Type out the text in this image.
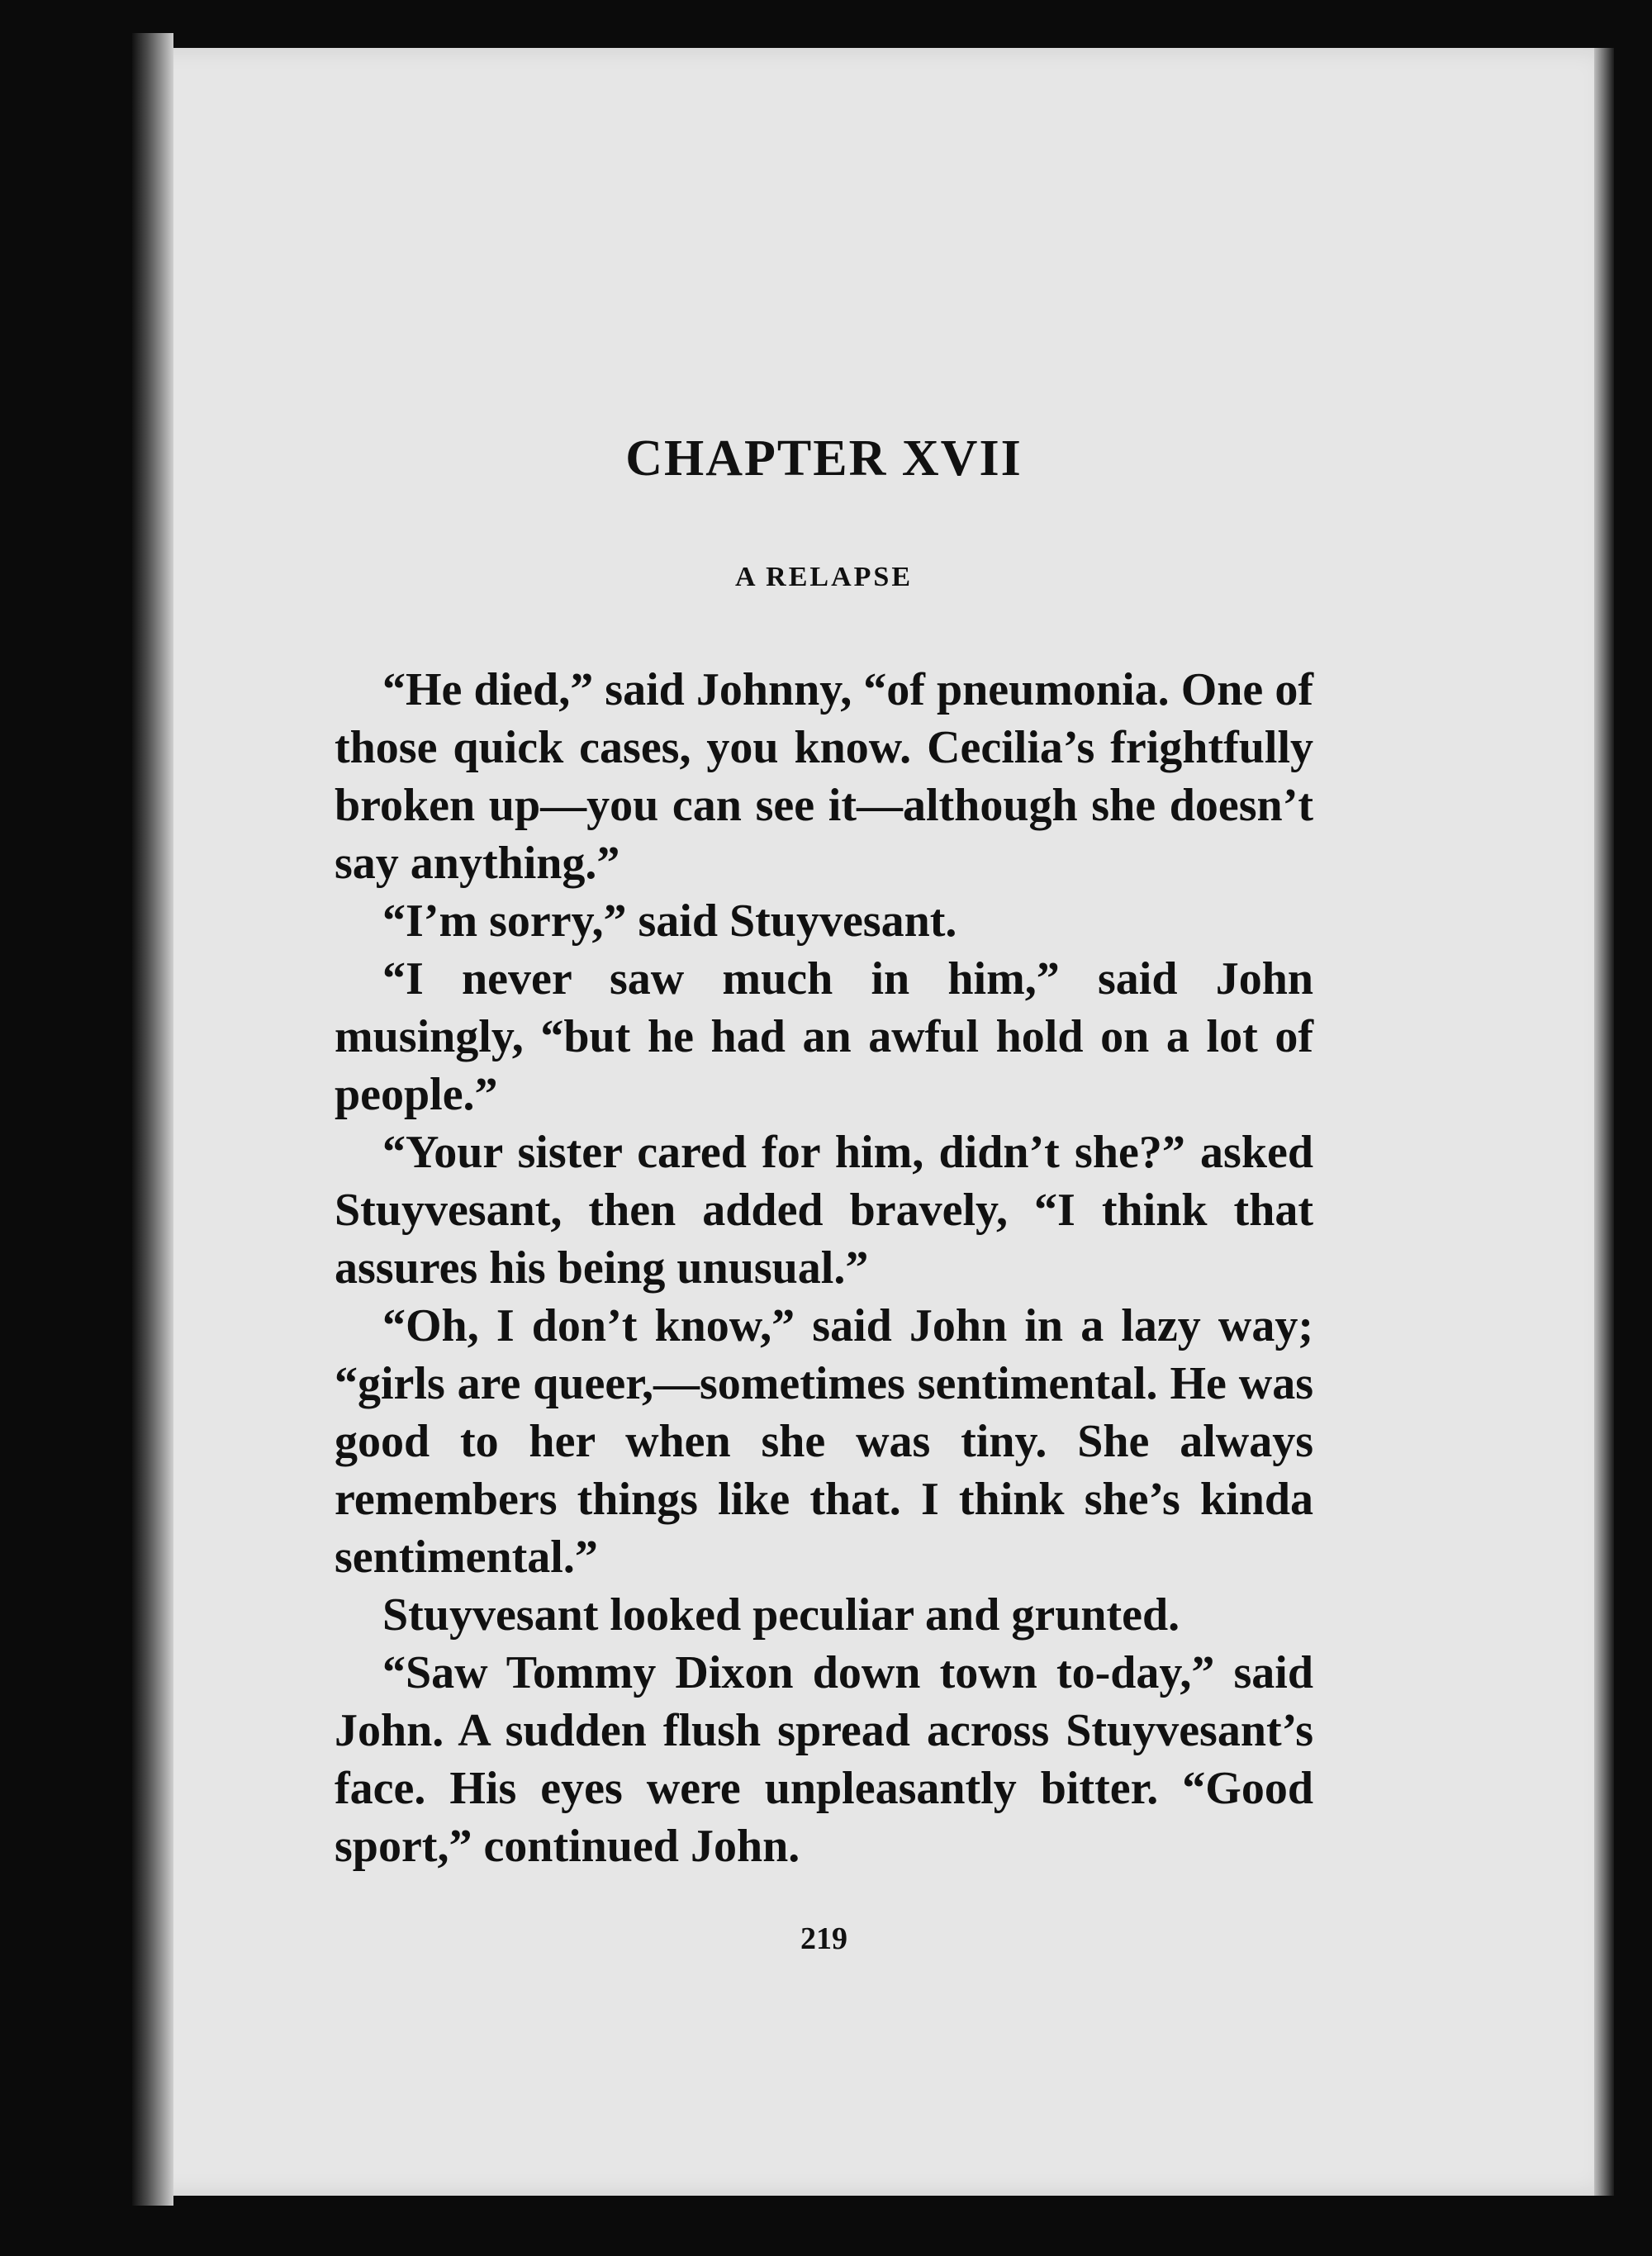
CHAPTER XVII
A RELAPSE

“He died,” said Johnny, “of pneumonia. One of those quick cases, you know. Cecilia’s frightfully broken up—you can see it—although she doesn’t say anything.”

“I’m sorry,” said Stuyvesant.

“I never saw much in him,” said John musingly, “but he had an awful hold on a lot of people.”

“Your sister cared for him, didn’t she?” asked Stuyvesant, then added bravely, “I think that assures his being unusual.”

“Oh, I don’t know,” said John in a lazy way; “girls are queer,—sometimes sentimental. He was good to her when she was tiny. She always remembers things like that. I think she’s kinda sentimental.”

Stuyvesant looked peculiar and grunted.

“Saw Tommy Dixon down town to-day,” said John. A sudden flush spread across Stuyvesant’s face. His eyes were unpleasantly bitter. “Good sport,” continued John.

219
